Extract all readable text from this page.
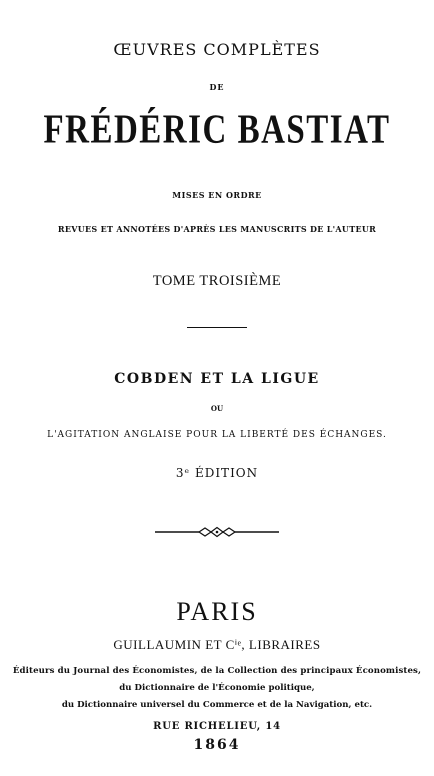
ŒUVRES COMPLÈTES
DE
FRÉDÉRIC BASTIAT
MISES EN ORDRE
REVUES ET ANNOTÉES D'APRÈS LES MANUSCRITS DE L'AUTEUR
TOME TROISIÈME
COBDEN ET LA LIGUE
OU
L'AGITATION ANGLAISE POUR LA LIBERTÉ DES ÉCHANGES.
3ᵉ ÉDITION
PARIS
GUILLAUMIN ET Cⁱᵉ, LIBRAIRES
Éditeurs du Journal des Économistes, de la Collection des principaux Économistes,
du Dictionnaire de l'Économie politique,
du Dictionnaire universel du Commerce et de la Navigation, etc.
RUE RICHELIEU, 14
1864
